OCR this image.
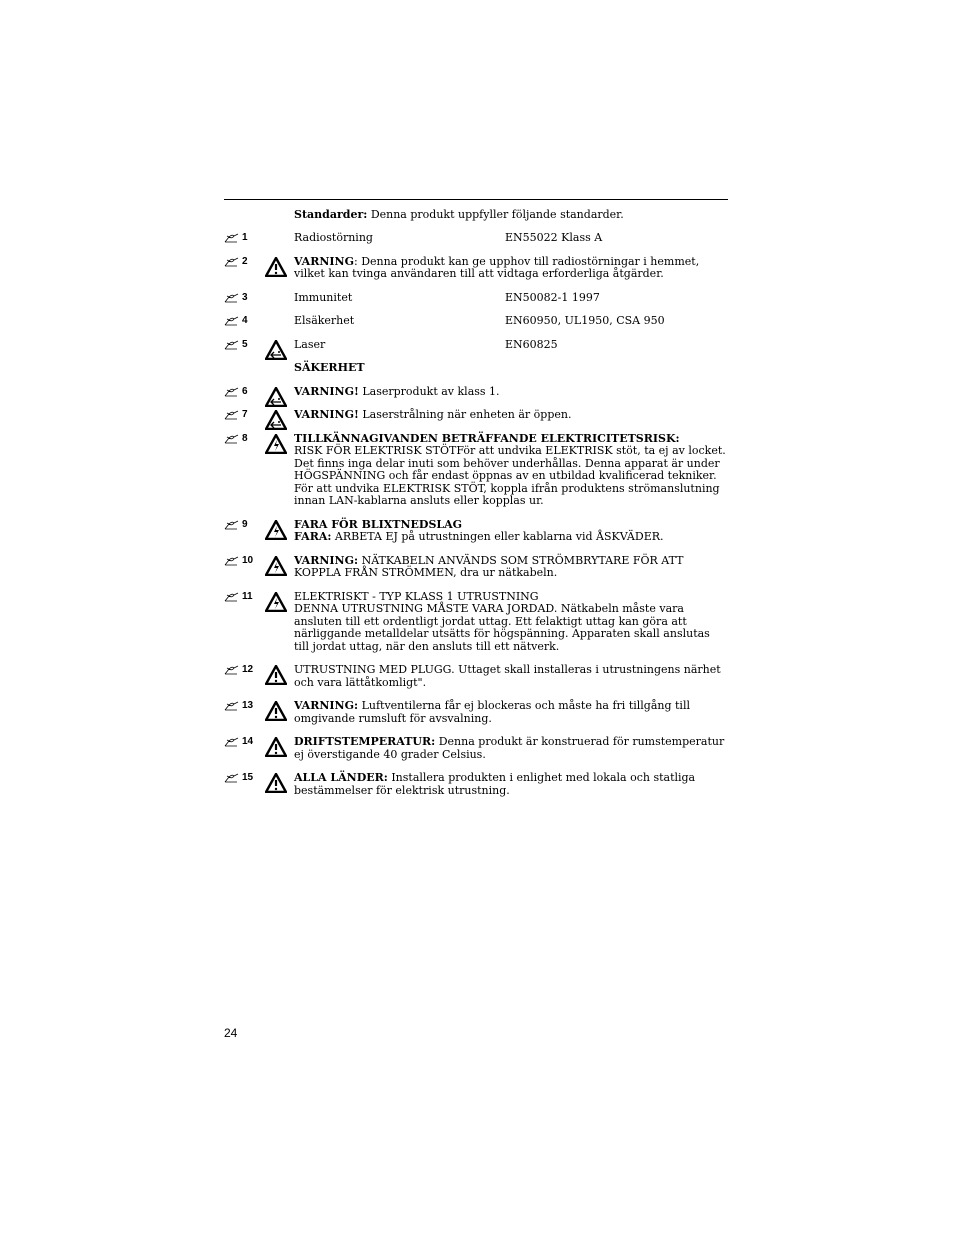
Standarder: Denna produkt uppfyller följande standarder.
1	Radiostörning	EN55022 Klass A
2	VARNING: Denna produkt kan ge upphov till radiostörningar i hemmet, vilket kan tvinga användaren till att vidtaga erforderliga åtgärder.
3	Immunitet	EN50082-1 1997
4	Elsäkerhet	EN60950, UL1950, CSA 950
5	Laser	EN60825
SÄKERHET
6	VARNING! Laserprodukt av klass 1.
7	VARNING! Laserstrålning när enheten är öppen.
8	TILLKÄNNAGIVANDEN BETRÄFFANDE ELEKTRICITETSRISK:
RISK FÖR ELEKTRISK STÖTFör att undvika ELEKTRISK stöt, ta ej av locket. Det finns inga delar inuti som behöver underhållas. Denna apparat är under HÖGSPÄNNING och får endast öppnas av en utbildad kvalificerad tekniker. För att undvika ELEKTRISK STÖT, koppla ifrån produktens strömanslutning innan LAN-kablarna ansluts eller kopplas ur.
9	FARA FÖR BLIXTNEDSLAG
FARA: ARBETA EJ på utrustningen eller kablarna vid ÅSKVÄDER.
10	VARNING: NÄTKABELN ANVÄNDS SOM STRÖMBRYTARE FÖR ATT KOPPLA FRÅN STRÖMMEN, dra ur nätkabeln.
11	ELEKTRISKT - TYP KLASS 1 UTRUSTNING
DENNA UTRUSTNING MÅSTE VARA JORDAD. Nätkabeln måste vara ansluten till ett ordentligt jordat uttag. Ett felaktigt uttag kan göra att närliggande metalldelar utsätts för högspänning. Apparaten skall anslutas till jordat uttag, när den ansluts till ett nätverk.
12	UTRUSTNING MED PLUGG. Uttaget skall installeras i utrustningens närhet och vara lättåtkomligt".
13	VARNING: Luftventilerna får ej blockeras och måste ha fri tillgång till omgivande rumsluft för avsvalning.
14	DRIFTSTEMPERATUR: Denna produkt är konstruerad för rumstemperatur ej överstigande 40 grader Celsius.
15	ALLA LÄNDER: Installera produkten i enlighet med lokala och statliga bestämmelser för elektrisk utrustning.
24
